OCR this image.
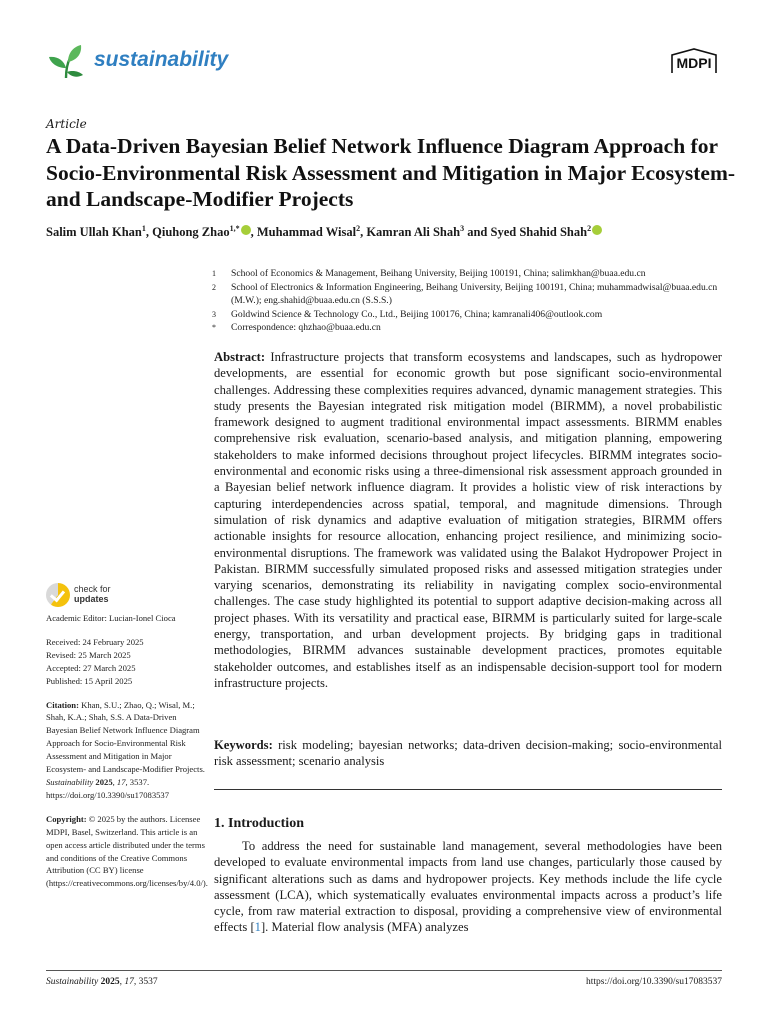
sustainability	MDPI
Article
A Data-Driven Bayesian Belief Network Influence Diagram Approach for Socio-Environmental Risk Assessment and Mitigation in Major Ecosystem- and Landscape-Modifier Projects
Salim Ullah Khan$^1$, Qiuhong Zhao$^{1,*}$ , Muhammad Wisal$^2$, Kamran Ali Shah$^3$ and Syed Shahid Shah$^2$
1	School of Economics & Management, Beihang University, Beijing 100191, China; salimkhan@buaa.edu.cn
2	School of Electronics & Information Engineering, Beihang University, Beijing 100191, China; muhammadwisal@buaa.edu.cn (M.W.); eng.shahid@buaa.edu.cn (S.S.S.)
3	Goldwind Science & Technology Co., Ltd., Beijing 100176, China; kamranali406@outlook.com
*	Correspondence: qhzhao@buaa.edu.cn
Abstract: Infrastructure projects that transform ecosystems and landscapes, such as hydropower developments, are essential for economic growth but pose significant socio-environmental challenges. Addressing these complexities requires advanced, dynamic management strategies. This study presents the Bayesian integrated risk mitigation model (BIRMM), a novel probabilistic framework designed to augment traditional environmental impact assessments. BIRMM enables comprehensive risk evaluation, scenario-based analysis, and mitigation planning, empowering stakeholders to make informed decisions throughout project lifecycles. BIRMM integrates socio-environmental and economic risks using a three-dimensional risk assessment approach grounded in a Bayesian belief network influence diagram. It provides a holistic view of risk interactions by capturing interdependencies across spatial, temporal, and magnitude dimensions. Through simulation of risk dynamics and adaptive evaluation of mitigation strategies, BIRMM offers actionable insights for resource allocation, enhancing project resilience, and minimizing socio-environmental disruptions. The framework was validated using the Balakot Hydropower Project in Pakistan. BIRMM successfully simulated proposed risks and assessed mitigation strategies under varying scenarios, demonstrating its reliability in navigating complex socio-environmental challenges. The case study highlighted its potential to support adaptive decision-making across all project phases. With its versatility and practical ease, BIRMM is particularly suited for large-scale energy, transportation, and urban development projects. By bridging gaps in traditional methodologies, BIRMM advances sustainable development practices, promotes equitable stakeholder outcomes, and establishes itself as an indispensable decision-support tool for modern infrastructure projects.
Keywords: risk modeling; bayesian networks; data-driven decision-making; socio-environmental risk assessment; scenario analysis
1. Introduction
To address the need for sustainable land management, several methodologies have been developed to evaluate environmental impacts from land use changes, particularly those caused by significant alterations such as dams and hydropower projects. Key methods include the life cycle assessment (LCA), which systematically evaluates environmental impacts across a product’s life cycle, from raw material extraction to disposal, providing a comprehensive view of environmental effects [1]. Material flow analysis (MFA) analyzes
check for
updates
Academic Editor: Lucian-Ionel Cioca
Received: 24 February 2025
Revised: 25 March 2025
Accepted: 27 March 2025
Published: 15 April 2025
Citation: Khan, S.U.; Zhao, Q.; Wisal, M.; Shah, K.A.; Shah, S.S. A Data-Driven Bayesian Belief Network Influence Diagram Approach for Socio-Environmental Risk Assessment and Mitigation in Major Ecosystem- and Landscape-Modifier Projects. Sustainability 2025, 17, 3537. https://doi.org/10.3390/su17083537
Copyright: © 2025 by the authors. Licensee MDPI, Basel, Switzerland. This article is an open access article distributed under the terms and conditions of the Creative Commons Attribution (CC BY) license (https://creativecommons.org/licenses/by/4.0/).
Sustainability 2025, 17, 3537	https://doi.org/10.3390/su17083537
